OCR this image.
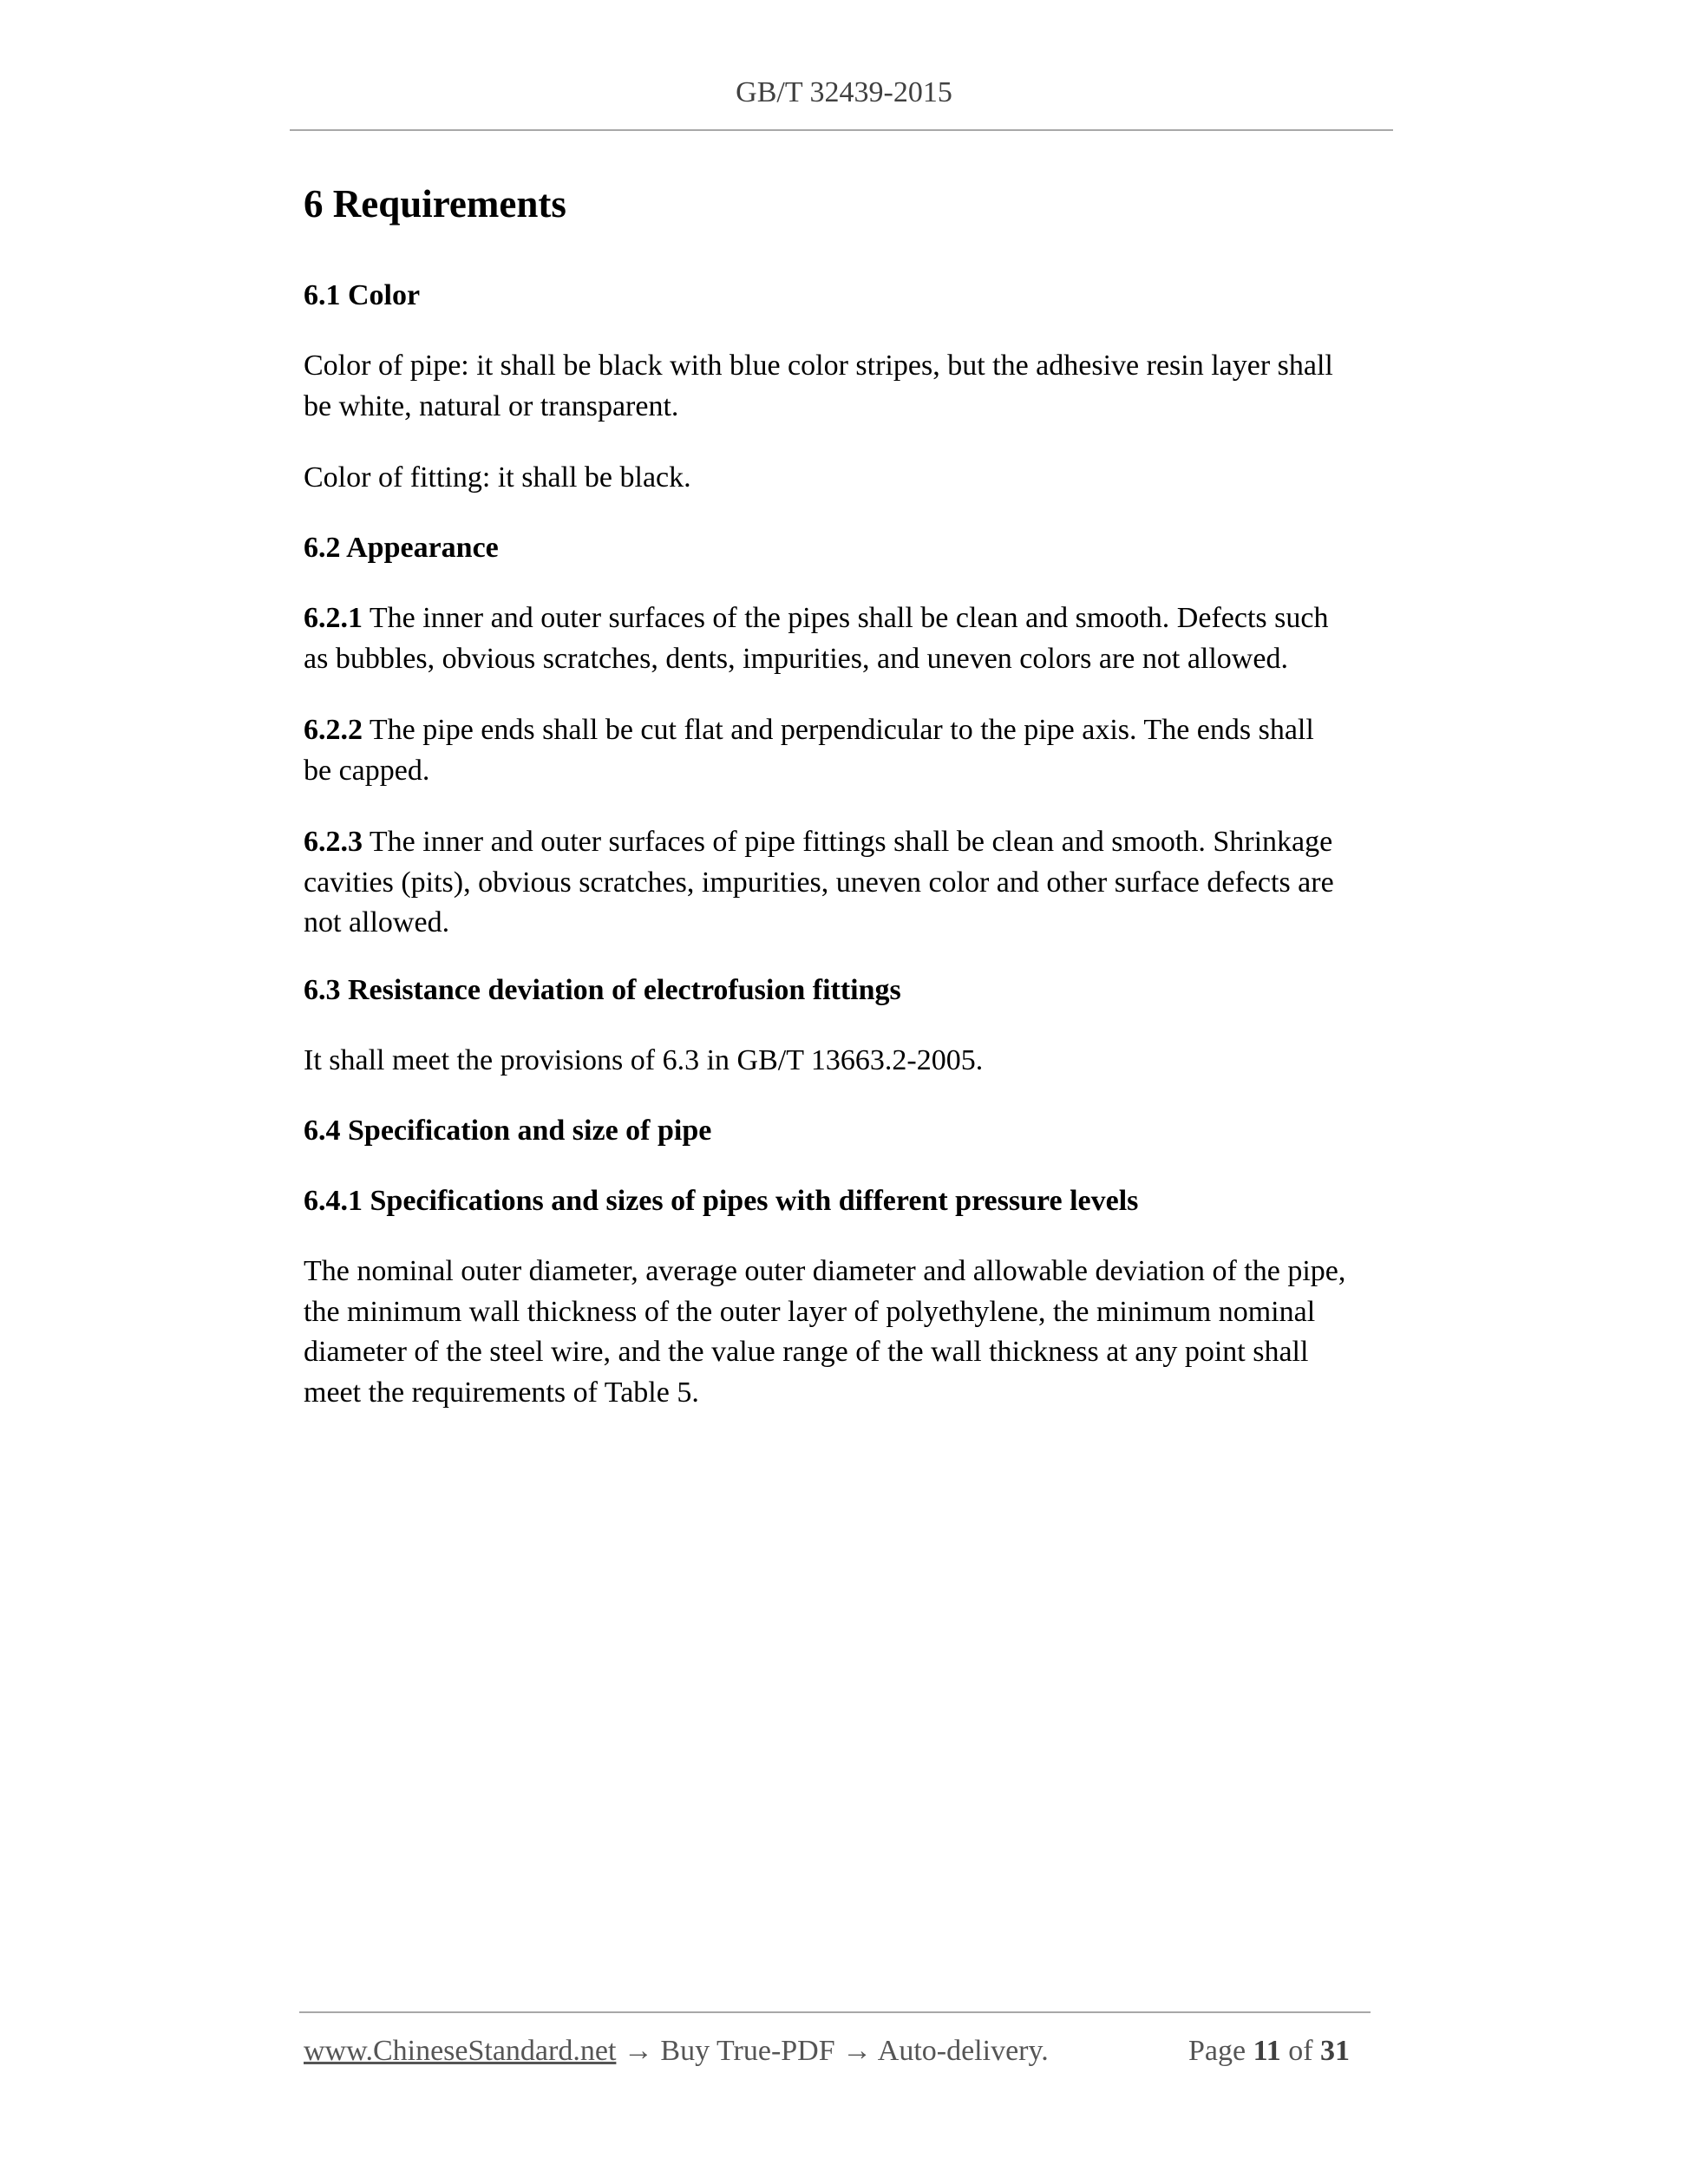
GB/T 32439-2015
6 Requirements
6.1 Color
Color of pipe: it shall be black with blue color stripes, but the adhesive resin layer shall
be white, natural or transparent.
Color of fitting: it shall be black.
6.2 Appearance
6.2.1 The inner and outer surfaces of the pipes shall be clean and smooth. Defects such
as bubbles, obvious scratches, dents, impurities, and uneven colors are not allowed.
6.2.2 The pipe ends shall be cut flat and perpendicular to the pipe axis. The ends shall
be capped.
6.2.3 The inner and outer surfaces of pipe fittings shall be clean and smooth. Shrinkage
cavities (pits), obvious scratches, impurities, uneven color and other surface defects are
not allowed.
6.3 Resistance deviation of electrofusion fittings
It shall meet the provisions of 6.3 in GB/T 13663.2-2005.
6.4 Specification and size of pipe
6.4.1 Specifications and sizes of pipes with different pressure levels
The nominal outer diameter, average outer diameter and allowable deviation of the pipe,
the minimum wall thickness of the outer layer of polyethylene, the minimum nominal
diameter of the steel wire, and the value range of the wall thickness at any point shall
meet the requirements of Table 5.
www.ChineseStandard.net → Buy True-PDF → Auto-delivery.	Page 11 of 31
